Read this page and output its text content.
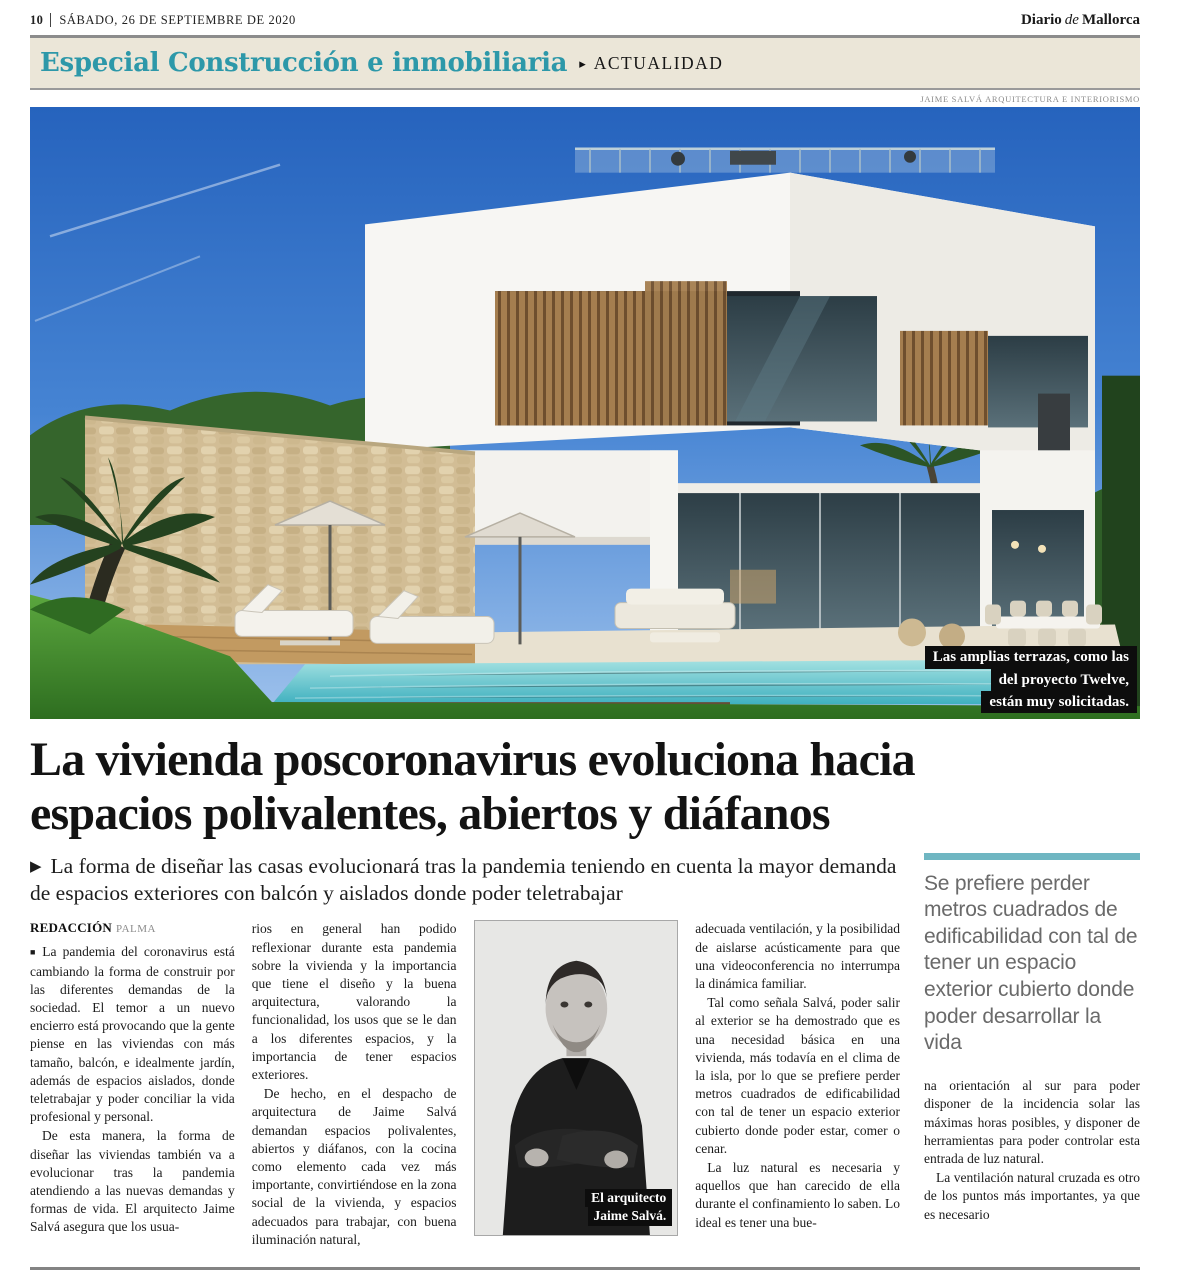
10 SÁBADO, 26 DE SEPTIEMBRE DE 2020	Diario de Mallorca
Especial Construcción e inmobiliaria ▸ ACTUALIDAD
JAIME SALVÁ ARQUITECTURA E INTERIORISMO
Las amplias terrazas, como las
del proyecto Twelve,
están muy solicitadas.
La vivienda poscoronavirus evoluciona hacia
espacios polivalentes, abiertos y diáfanos
▶ La forma de diseñar las casas evolucionará tras la pandemia teniendo en cuenta la mayor demanda de espacios exteriores con balcón y aislados donde poder teletrabajar
REDACCIÓN PALMA

■ La pandemia del coronavirus está cambiando la forma de construir por las diferentes demandas de la sociedad. El temor a un nuevo encierro está provocando que la gente piense en las viviendas con más tamaño, balcón, e idealmente jardín, además de espacios aislados, donde teletrabajar y poder conciliar la vida profesional y personal.

De esta manera, la forma de diseñar las viviendas también va a evolucionar tras la pandemia atendiendo a las nuevas demandas y formas de vida. El arquitecto Jaime Salvá asegura que los usua-

rios en general han podido reflexionar durante esta pandemia sobre la vivienda y la importancia que tiene el diseño y la buena arquitectura, valorando la funcionalidad, los usos que se le dan a los diferentes espacios, y la importancia de tener espacios exteriores.

De hecho, en el despacho de arquitectura de Jaime Salvá demandan espacios polivalentes, abiertos y diáfanos, con la cocina como elemento cada vez más importante, convirtiéndose en la zona social de la vivienda, y espacios adecuados para trabajar, con buena iluminación natural,

El arquitecto
Jaime Salvá.

adecuada ventilación, y la posibilidad de aislarse acústicamente para que una videoconferencia no interrumpa la dinámica familiar.

Tal como señala Salvá, poder salir al exterior se ha demostrado que es una necesidad básica en una vivienda, más todavía en el clima de la isla, por lo que se prefiere perder metros cuadrados de edificabilidad con tal de tener un espacio exterior cubierto donde poder estar, comer o cenar.

La luz natural es necesaria y aquellos que han carecido de ella durante el confinamiento lo saben. Lo ideal es tener una bue-

Se prefiere perder metros cuadrados de edificabilidad con tal de tener un espacio exterior cubierto donde poder desarrollar la vida

na orientación al sur para poder disponer de la incidencia solar las máximas horas posibles, y disponer de herramientas para poder controlar esta entrada de luz natural.

La ventilación natural cruzada es otro de los puntos más importantes, ya que es necesario
